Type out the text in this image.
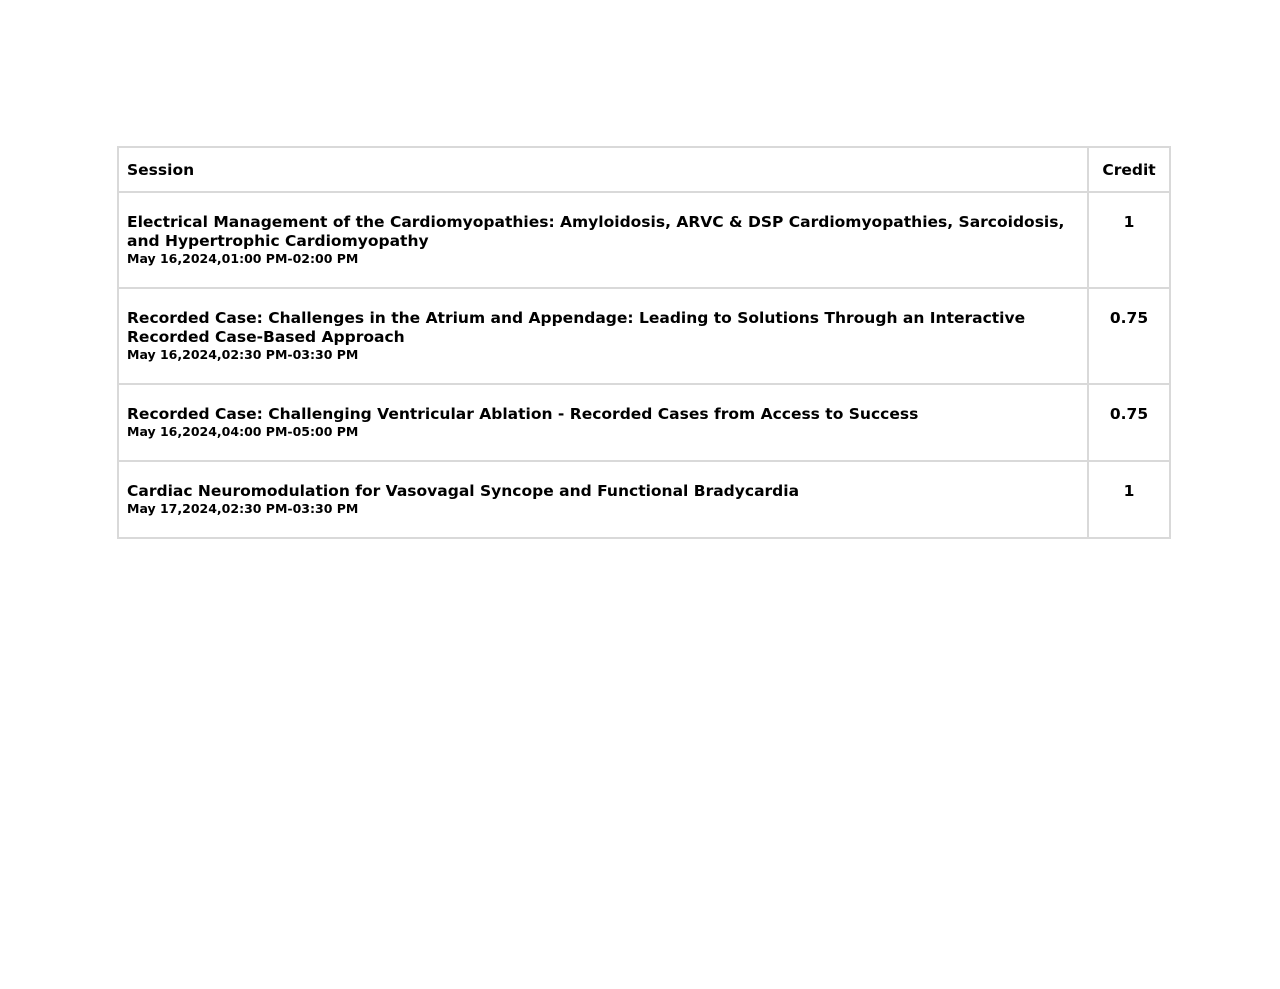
Session	Credit

Electrical Management of the Cardiomyopathies: Amyloidosis, ARVC & DSP Cardiomyopathies, Sarcoidosis, and Hypertrophic Cardiomyopathy
May 16,2024,01:00 PM-02:00 PM	1

Recorded Case: Challenges in the Atrium and Appendage: Leading to Solutions Through an Interactive Recorded Case-Based Approach
May 16,2024,02:30 PM-03:30 PM	0.75

Recorded Case: Challenging Ventricular Ablation - Recorded Cases from Access to Success
May 16,2024,04:00 PM-05:00 PM	0.75

Cardiac Neuromodulation for Vasovagal Syncope and Functional Bradycardia
May 17,2024,02:30 PM-03:30 PM	1
